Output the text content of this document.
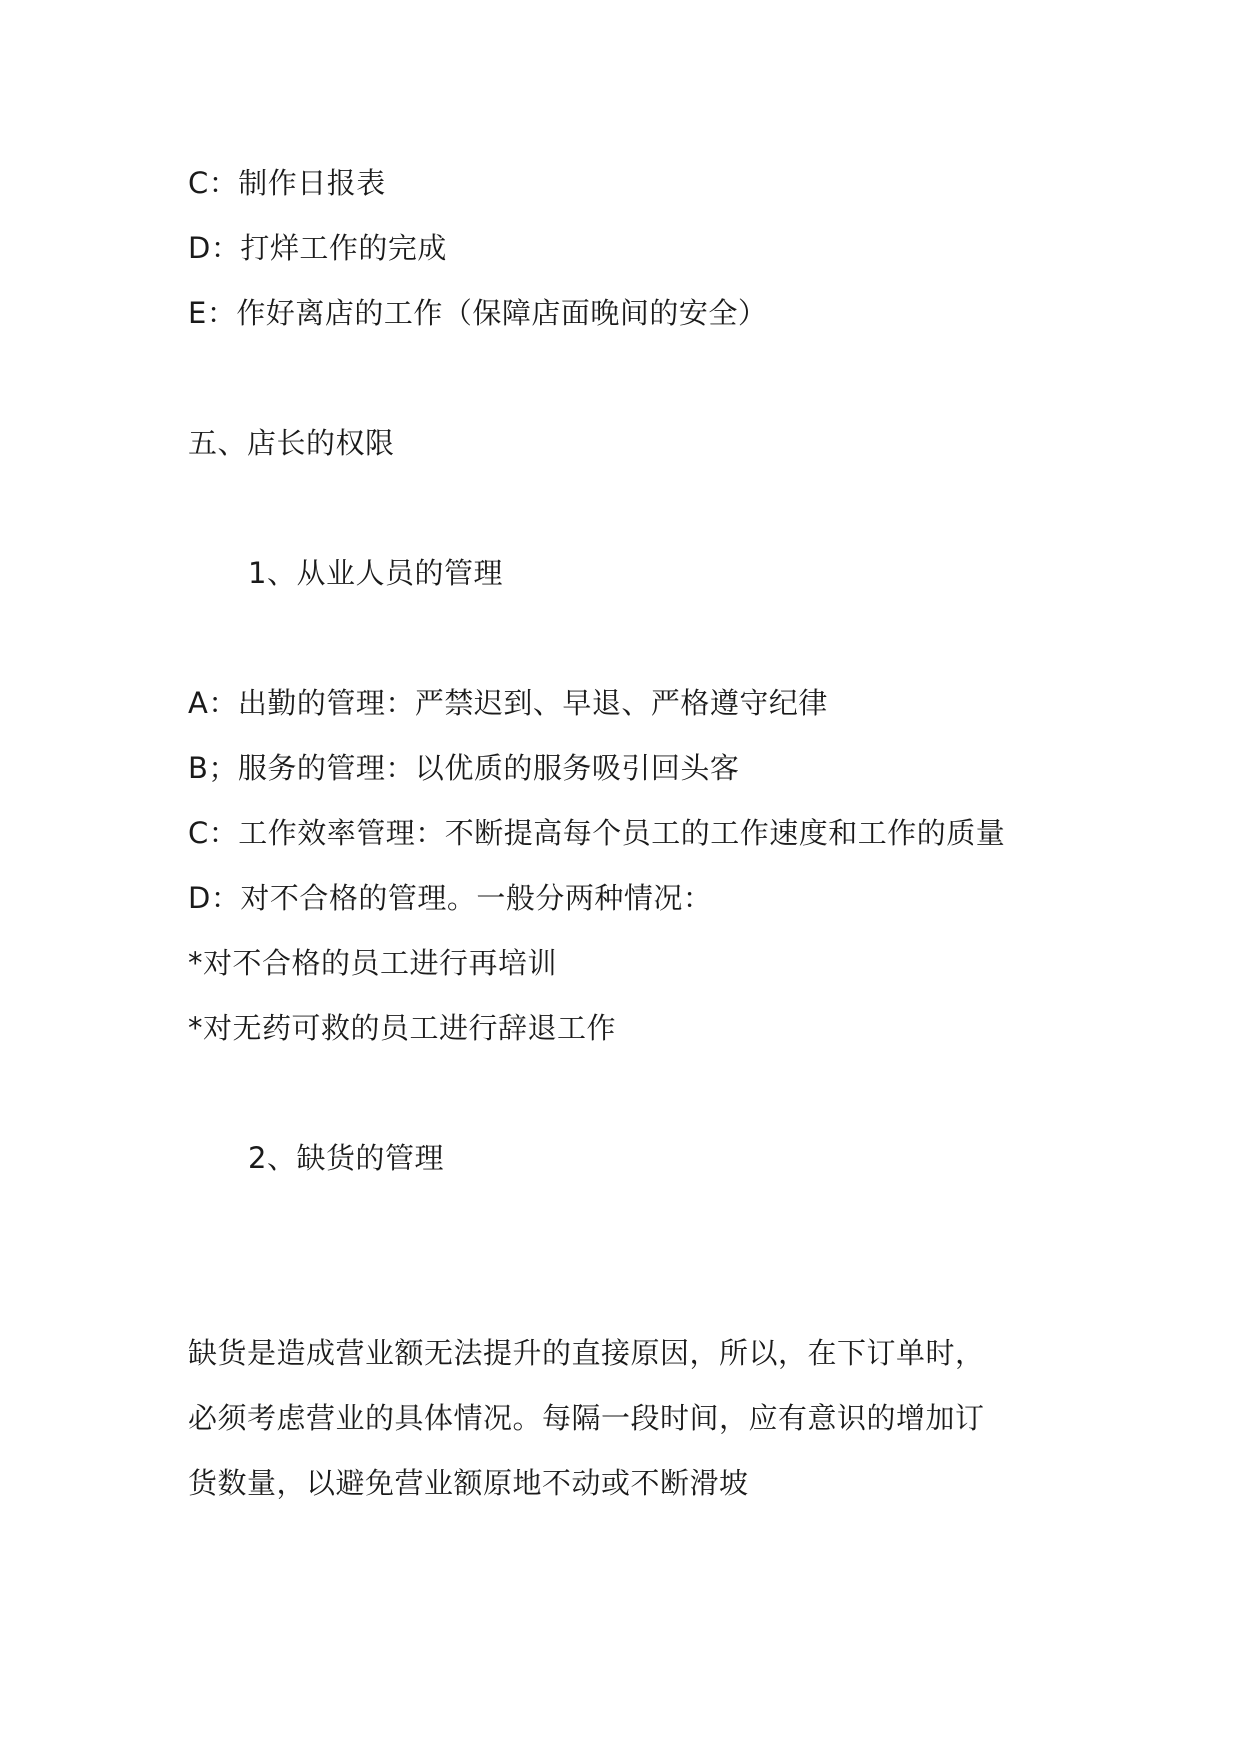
C：制作日报表
D：打烊工作的完成
E：作好离店的工作（保障店面晚间的安全）
五、店长的权限
1、从业人员的管理
A：出勤的管理：严禁迟到、早退、严格遵守纪律
B；服务的管理：以优质的服务吸引回头客
C：工作效率管理：不断提高每个员工的工作速度和工作的质量
D：对不合格的管理。一般分两种情况：
*对不合格的员工进行再培训
*对无药可救的员工进行辞退工作
2、缺货的管理
缺货是造成营业额无法提升的直接原因，所以，在下订单时，
必须考虑营业的具体情况。每隔一段时间，应有意识的增加订
货数量，以避免营业额原地不动或不断滑坡
